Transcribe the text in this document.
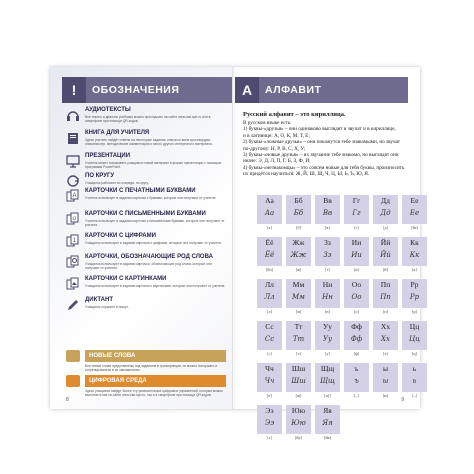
!	ОБОЗНАЧЕНИЯ
АУДИОТЕКСТЫ
Все тексты и диалоги учебника можно прослушать на сайте www.zlat.spb.ru или в смартфоне при помощи QR-кодов.
КНИГА ДЛЯ УЧИТЕЛЯ
Здесь учитель найдёт ответы на некоторые задания, ключи ко всем кроссвордам, описания игр, методические комментарии и много другого интересного материала.
ПРЕЗЕНТАЦИИ
Учитель может показывать учащимся новый материал в форме презентации с помощью программы PowerPoint.
ПО КРУГУ
Учащиеся работают по очереди, по кругу.
А
КАРТОЧКИ С ПЕЧАТНЫМИ БУКВАМИ
Учитель использует в задании карточки с буквами, которые они получают от учителя.
а
КАРТОЧКИ С ПИСЬМЕННЫМИ БУКВАМИ
Учитель использует в задании карточки с письменными буквами, которые они получают от учителя.
1
КАРТОЧКИ С ЦИФРАМИ
Учащиеся используют в задании карточки с цифрами, которые они получают от учителя.
КАРТОЧКИ, ОБОЗНАЧАЮЩИЕ РОД СЛОВА
Учащиеся используют в задании карточки, обозначающие род слова, которые они получают от учителя.
КАРТОЧКИ С КАРТИНКАМИ
Учащиеся используют в задании карточки с картинками, которые они получают от учителя.
ДИКТАНТ
Учащиеся слушают и пишут.
НОВЫЕ СЛОВА
Все новые слова представлены под заданием в транскрипции, их можно послушать и потренироваться в их запоминании.
ЦИФРОВАЯ СРЕДА
Здесь учащиеся найдут более сту увлекательных цифровых упражнений, которые можно выполнять как на сайте www.zlat.spb.ru, так и в смартфоне при помощи QR-кодов.
8
А	АЛФАВИТ
Русский алфавит – это кириллица.
В русском языке есть:
1) буквы-«друзья» – они одинаково выглядят и звучат и в кириллице,
и в латинице: А, О, К, М, Т, Е;
2) буквы-«ложные друзья» – они покажутся тебе знакомыми, но звучат
по-другому: Н, Р, В, С, Х, У;
3) буквы-«новые друзья» – их звучание тебе знакомо, но выглядят они
иначе: Э, Д, Л, П, Г, Б, З, Ф, И;
4) буквы-«незнакомцы» – это совсем новые для тебя буквы, произносить
их придётся научиться: Ж, Й, Ш, Щ, Ч, Ц, Ы, Ь, Ъ, Ю, Я.
Аа
Аа
[а]
Бб
Бб
[б]
Вв
Вв
[в]
Гг
Гг
[г]
Дд
Дд
[д]
Ее
Ее
[йэ]
Ёё
Ёё
[йо]
Жж
Жж
[ж]
Зз
Зз
[з]
Ии
Ии
[и]
Йй
Йй
[й]
Кк
Кк
[к]
Лл
Лл
[л]
Мм
Мм
[м]
Нн
Нн
[н]
Оо
Оо
[о]
Пп
Пп
[п]
Рр
Рр
[р]
Сс
Сс
[с]
Тт
Тт
[т]
Уу
Уу
[у]
Фф
Фф
[ф]
Хх
Хх
[х]
Цц
Цц
[ц]
Чч
Чч
[ч']
Шш
Шш
[ш]
Щщ
Щщ
[щ']
ъ
ъ
[–]
ы
ы
[ы]
ь
ь
[–]
Ээ
Ээ
[э]
Юю
Юю
[йу]
Яя
Яя
[йа]
9
